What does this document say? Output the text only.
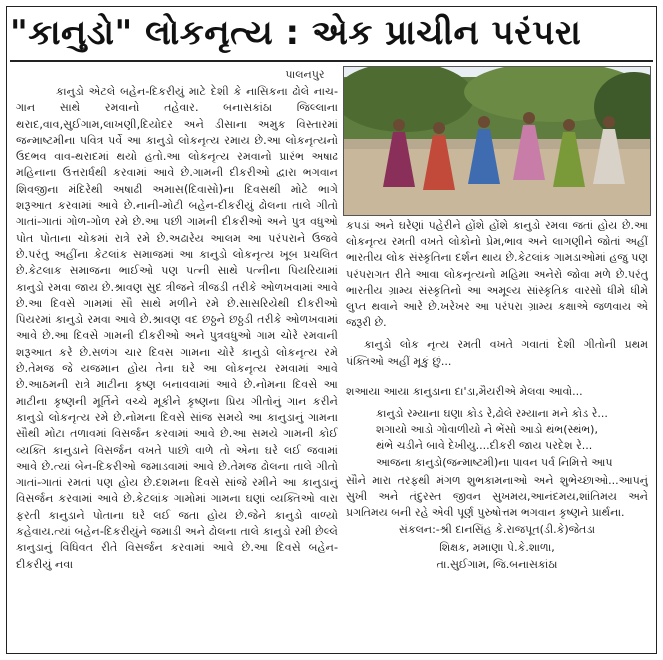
"કાનુડો" લોકનૃત્ય : એક પ્રાચીન પરંપરા
પાલનપુર

કાનુડો એટલે બહેન-દિકરીયું માટે દેશી કે નાસિકના ઢોલે નાચ-ગાન સાથે રમવાનો તહેવાર. બનાસકાંઠા જિલ્લાના થરાદ,વાવ,સુઈગામ,લાખણી,દિયોદર અને ડીસાના અમુક વિસ્તારમાં જન્માષ્ટમીના પવિત્ર પર્વે આ કાનુડો લોકનૃત્ય રમાય છે.આ લોકનૃત્યનો ઉદભવ વાવ-થરાદમાં થયો હતો.આ લોકનૃત્ય રમવાનો પ્રારંભ અષાઢ મહિનાના ઉત્તરાર્ધથી કરવામાં આવે છે.ગામની દીકરીઓ દ્વારા ભગવાન શિવજીના મંદિરેથી અષાઢી અમાસ(દિવાસો)ના દિવસથી મોટે ભાગે શરૂઆત કરવામાં આવે છે.નાની-મોટી બહેન-દીકરીયું ઢોલના તાલે ગીતો ગાતાં-ગાતાં ગોળ-ગોળ રમે છે.આ પછી ગામની દીકરીઓ અને પુત્ર વધુઓ પોત પોતાના ચોકમાં રાત્રે રમે છે.અઢારેય આલમ આ પરંપરાને ઉજવે છે.પરંતુ અહીંના કેટલાંક સમાજમાં આ કાનુડો લોકનૃત્ય ખૂબ પ્રચલિત છે.કેટલાક સમાજના ભાઈઓ પણ પત્ની સાથે પત્નીના પિયરિયામાં કાનુડો રમવા જાય છે.શ્રાવણ સુદ ત્રીજને ત્રીજડી તરીકે ઓળખવામાં આવે છે.આ દિવસે ગામમાં સૌ સાથે મળીને રમે છે.સાસરિયેથી દીકરીઓ પિયરમાં કાનુડો રમવા આવે છે.શ્રાવણ વદ છઠ્ઠને છઠ્ઠડી તરીકે ઓળખવામાં આવે છે.આ દિવસે ગામની દીકરીઓ અને પુત્રવધુઓ ગામ ચોરે રમવાની શરૂઆત કરે છે.સળંગ ચાર દિવસ ગામના ચોરે કાનુડો લોકનૃત્ય રમે છે.તેમજ જે યજમાન હોય તેના ઘરે આ લોકનૃત્ય રમવામાં આવે છે.આઠમની રાત્રે માટીના કૃષ્ણ બનાવવામાં આવે છે.નોમના દિવસે આ માટીના કૃષ્ણની મૂર્તિને વચ્ચે મૂકીને કૃષ્ણના પ્રિય ગીતોનું ગાન કરીને કાનુડો લોકનૃત્ય રમે છે.નોમના દિવસે સાંજ સમયે આ કાનુડાનું ગામના સૌથી મોટા તળાવમાં વિસર્જન કરવામાં આવે છે.આ સમયે ગામની કોઈ વ્યક્તિ કાનુડાને વિસર્જન વખતે પાછો વાળે તો એના ઘરે લઈ જવામાં આવે છે.ત્યાં બેન-દિકરીઓ જમાડવામાં આવે છે.તેમજ ઢોલના તાલે ગીતો ગાતાં-ગાતાં રમતાં પણ હોય છે.દશમના દિવસે સાંજે રમીને આ કાનુડાનું વિસર્જન કરવામાં આવે છે.કેટલાંક ગામોમાં ગામના ઘણાં વ્યક્તિઓ વારા ફરતી કાનુડાને પોતાના ઘરે લઈ જતા હોય છે.જેને કાનુડો વાળ્યો કહેવાય.ત્યાં બહેન-દિકરીયુંને જમાડી અને ઢોલના તાલે કાનુડો રમી છેલ્લે કાનુડાનું વિધિવત રીતે વિસર્જન કરવામાં આવે છે.આ દિવસે બહેન-દીકરીયું નવા

કપડાં અને ઘરેણાં પહેરીને હોંશે હોંશે કાનુડો રમવા જતાં હોય છે.આ લોકનૃત્ય રમતી વખતે લોકોનો પ્રેમ,ભાવ અને લાગણીને જોતાં અહીં ભારતીય લોક સંસ્કૃતિના દર્શન થાય છે.કેટલાંક ગામડાઓમાં હજુ પણ પરંપરાગત રીતે આવા લોકનૃત્યનો મહિમા અનેરો જોવા મળે છે.પરંતુ ભારતીય ગ્રામ્ય સંસ્કૃતિનો આ અમૂલ્ય સાંસ્કૃતિક વારસો ધીમે ધીમે લુપ્ત થવાને આરે છે.ખરેખર આ પરંપરા ગ્રામ્ય કક્ષાએ જળવાય એ જરૂરી છે.
કાનુડો લોક નૃત્ય રમતી વખતે ગવાતાં દેશી ગીતોની પ્રથમ પંક્તિઓ અહીં મૂકું છું...
શઆયા આયા કાનુડાના દા'ડા,મૈયરીએ મેલવા આવો...
કાનુડો રમ્યાના ઘણા કોડ રે,ઢોલે રમ્યાના મને કોડ રે...
શગાયો આડો ગોવાળીયો ને ભેંસો આડો થંભ(સ્થંભ),
થંભે ચડીને બાવે દેખીયુ....દીકરી જાય પરદેશ રે...
આજના કાનુડો(જન્માષ્ટમી)ના પાવન પર્વ નિમિત્તે આપ
સૌને મારા તરફથી મંગળ શુભકામનાઓ અને શુભેચ્છાઓ...આપનું સુખી અને તંદુરસ્ત જીવન સુખમય,આનંદમય,શાંતિમય અને પ્રગતિમય બની રહે એવી પૂર્ણ પુરુષોત્તમ ભગવાન કૃષ્ણને પ્રાર્થના.
સંકલન:-શ્રી દાનસિંહ કે.રાજપૂત(ડી.કે)જેતડા
શિક્ષક, મમાણા પે.કે.શાળા,
તા.સુઈગામ, જિ.બનાસકાંઠા
